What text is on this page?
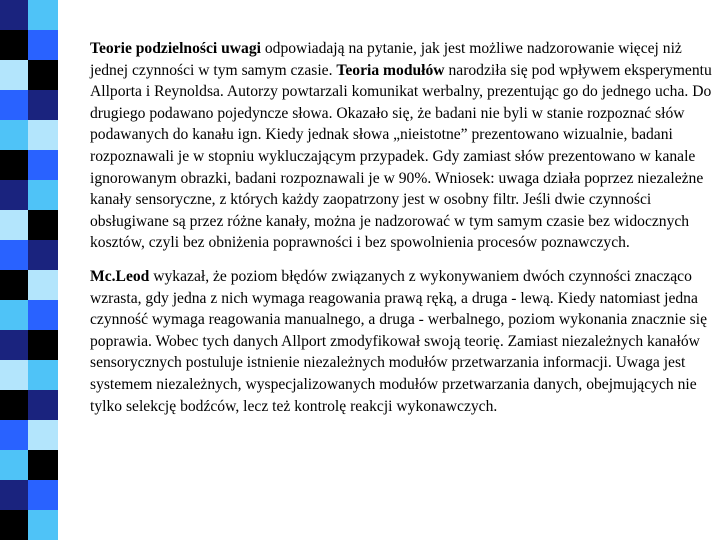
Teorie podzielności uwagi odpowiadają na pytanie, jak jest możliwe nadzorowanie więcej niż jednej czynności w tym samym czasie. Teoria modułów narodziła się pod wpływem eksperymentu Allporta i Reynoldsa. Autorzy powtarzali komunikat werbalny, prezentując go do jednego ucha. Do drugiego podawano pojedyncze słowa. Okazało się, że badani nie byli w stanie rozpoznać słów podawanych do kanału ign. Kiedy jednak słowa „nieistotne” prezentowano wizualnie, badani rozpoznawali je w stopniu wykluczającym przypadek. Gdy zamiast słów prezentowano w kanale ignorowanym obrazki, badani rozpoznawali je w 90%. Wniosek: uwaga działa poprzez niezależne kanały sensoryczne, z których każdy zaopatrzony jest w osobny filtr. Jeśli dwie czynności obsługiwane są przez różne kanały, można je nadzorować w tym samym czasie bez widocznych kosztów, czyli bez obniżenia poprawności i bez spowolnienia procesów poznawczych.

Mc.Leod wykazał, że poziom błędów związanych z wykonywaniem dwóch czynności znacząco wzrasta, gdy jedna z nich wymaga reagowania prawą ręką, a druga - lewą. Kiedy natomiast jedna czynność wymaga reagowania manualnego, a druga - werbalnego, poziom wykonania znacznie się poprawia. Wobec tych danych Allport zmodyfikował swoją teorię. Zamiast niezależnych kanałów sensorycznych postuluje istnienie niezależnych modułów przetwarzania informacji. Uwaga jest systemem niezależnych, wyspecjalizowanych modułów przetwarzania danych, obejmujących nie tylko selekcję bodźców, lecz też kontrolę reakcji wykonawczych.
